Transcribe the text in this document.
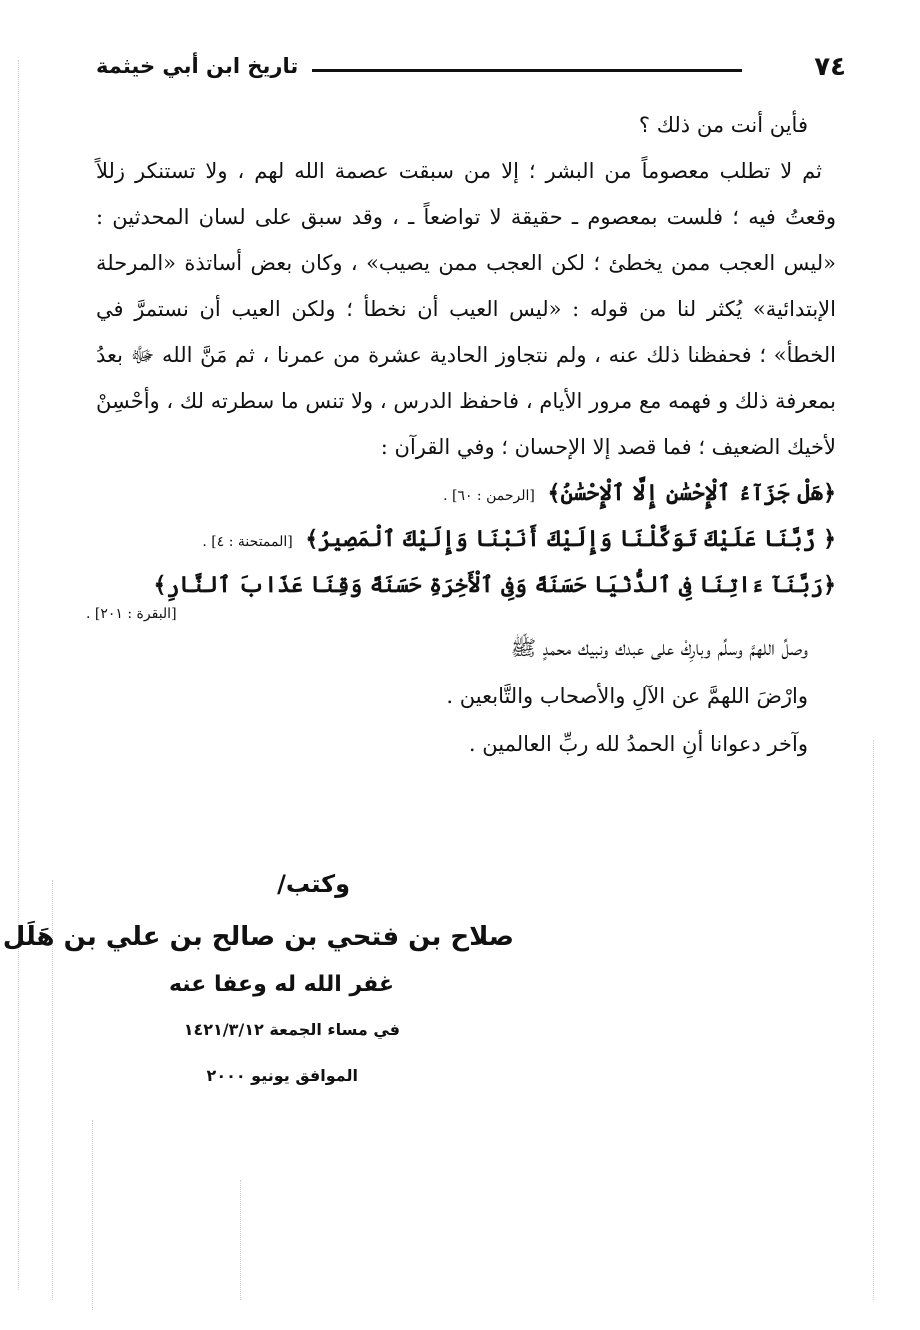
٧٤
تاريخ ابن أبي خيثمة
فأين أنت من ذلك ؟
ثم لا تطلب معصوماً من البشر ؛ إلا من سبقت عصمة الله لهم ، ولا تستنكر زللاً
وقعتُ فيه ؛ فلست بمعصوم ـ حقيقة لا تواضعاً ـ ، وقد سبق على لسان المحدثين :
«ليس العجب ممن يخطئ ؛ لكن العجب ممن يصيب» ، وكان بعض أساتذة «المرحلة
الإبتدائية» يُكثر لنا من قوله : «ليس العيب أن نخطأ ؛ ولكن العيب أن نستمرَّ في
الخطأ» ؛ فحفظنا ذلك عنه ، ولم نتجاوز الحادية عشرة من عمرنا ، ثم مَنَّ الله ﷻ بعدُ
بمعرفة ذلك و فهمه مع مرور الأيام ، فاحفظ الدرس ، ولا تنس ما سطرته لك ، وأحْسِنْ
لأخيك الضعيف ؛ فما قصد إلا الإحسان ؛ وفي القرآن :
﴿هَلْ جَزَآءُ ٱلْإِحْسَٰنِ إِلَّا ٱلْإِحْسَٰنُ﴾ [الرحمن : ٦٠] .
﴿ رَّبَّنَا عَلَيْكَ تَوَكَّلْنَا وَإِلَيْكَ أَنَبْنَا وَإِلَيْكَ ٱلْمَصِيرُ﴾ [الممتحنة : ٤] .
﴿رَبَّنَآ ءَاتِنَا فِى ٱلدُّنْيَا حَسَنَةً وَفِى ٱلْأَخِرَةِ حَسَنَةً وَقِنَا عَذَابَ ٱلنَّارِ﴾
[البقرة : ٢٠١] .
وصلِّ اللهمَّ وسلِّم وبارِكْ على عبدك ونبيك محمدٍ ﷺ
وارْضَ اللهمَّ عن الآلِ والأصحاب والتَّابعين .
وآخر دعوانا أنِ الحمدُ لله ربِّ العالمين .
وكتب/
صلاح بن فتحي بن صالح بن علي بن هَلَل
غفر الله له وعفا عنه
في مساء الجمعة ١٤٢١/٣/١٢
الموافق يونيو ٢٠٠٠
